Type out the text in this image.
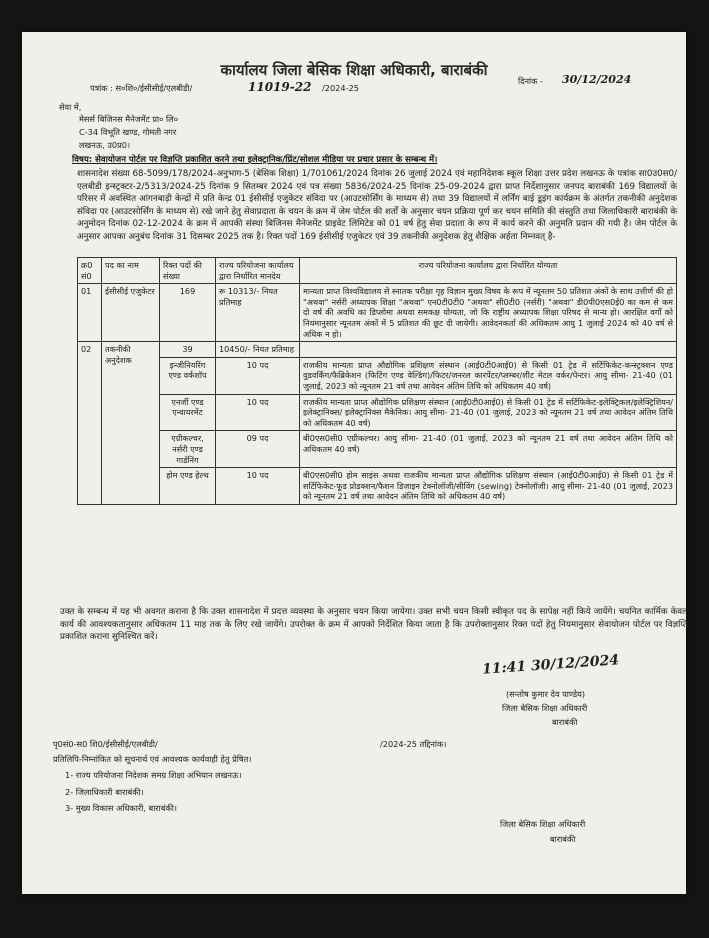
कार्यालय जिला बेसिक शिक्षा अधिकारी, बाराबंकी
पत्रांक : स०शि०/ईसीसीई/एलबीडी/	11019-22 /2024-25
दिनांक - 30/12/2024
सेवा में,
मेसर्स बिजिनस मैनेजमेंट प्रा० लि०
C-34 विभूति खण्ड, गोमती नगर
लखनऊ, उ0प्र0।
विषय: सेवायोजन पोर्टल पर विज्ञप्ति प्रकाशित करने तथा इलेक्ट्रानिक/प्रिंट/सोशल मीडिया पर प्रचार प्रसार के सम्बन्ध में।
शासनादेश संख्या 68-5099/178/2024-अनुभाग-5 (बेसिक शिक्षा) 1/701061/2024 दिनांक 26 जुलाई 2024 एवं महानिदेशक स्कूल शिक्षा उत्तर प्रदेश लखनऊ के पत्रांक सा0उ0स0/एलबीडी इन्स्ट्रक्टर-2/5313/2024-25 दिनांक 9 सितम्बर 2024 एवं पत्र संख्या 5836/2024-25 दिनांक 25-09-2024 द्वारा प्राप्त निर्देशानुसार जनपद बाराबंकी 169 विद्यालयों के परिसर में अवस्थित आंगनबाड़ी केन्द्रों में प्रति केन्द्र 01 ईसीसीई एजुकेटर संविदा पर (आउटसोर्सिंग के माध्यम से) तथा 39 विद्यालयों में लर्निंग बाई डूइंग कार्यक्रम के अंतर्गत तकनीकी अनुदेशक संविदा पर (आउटसोर्सिंग के माध्यम से) रखे जाने हेतु सेवाप्रदाता के चयन के क्रम में जेम पोर्टल की शर्तों के अनुसार चयन प्रक्रिया पूर्ण कर चयन समिति की संस्तुति तथा जिलाधिकारी बाराबंकी के अनुमोदन दिनांक 02-12-2024 के क्रम में आपकी संस्था बिजिनस मैनेजमेंट प्राइवेट लिमिटेड को 01 वर्ष हेतु सेवा प्रदाता के रूप में कार्य करने की अनुमति प्रदान की गयी है। जेम पोर्टल के अनुसार आपका अनुबंध दिनांक 31 दिसम्बर 2025 तक है। रिक्त पदों 169 ईसीसीई एजुकेटर एवं 39 तकनीकी अनुदेशक हेतु शैक्षिक अर्हता निम्नवत् है-
क्र0 सं0	पद का नाम	रिक्त पदों की संख्या	राज्य परियोजना कार्यालय द्वारा निर्धारित मानदेय	राज्य परियोजना कार्यालय द्वारा निर्धारित योग्यता
01	ईसीसीई एजुकेटर	169	रू 10313/- नियत प्रतिमाह	मान्यता प्राप्त विश्वविद्यालय से स्नातक परीक्षा गृह विज्ञान मुख्य विषय के रूप में न्यूनतम 50 प्रतिशत अंकों के साथ उत्तीर्ण की हो "अथवा" नर्सरी अध्यापक शिक्षा "अथवा" एन0टी0टी0 "अथवा" सी0टी0 (नर्सरी) "अथवा" डी0पी0एस0ई0 का कम से कम दो वर्ष की अवधि का डिप्लोमा अथवा समकक्ष योग्यता, जो कि राष्ट्रीय अध्यापक शिक्षा परिषद से मान्य हो। आरक्षित वर्गों को नियमानुसार न्यूनतम अंकों में 5 प्रतिशत की छूट दी जायेगी। आवेदनकर्ता की अधिकतम आयु 1 जुलाई 2024 को 40 वर्ष से अधिक न हो।
02	तकनीकी अनुदेशक	39	10450/- नियत प्रतिमाह	
		इन्जीनियरिंग एण्ड वर्कशॉप	10 पद	राजकीय मान्यता प्राप्त औद्योगिक प्रशिक्षण संस्थान (आई0टी0आई0) से किसी 01 ट्रेड में सर्टिफिकेट-कन्स्ट्रक्शन एण्ड वुडवर्किंग/फैब्रिकेशन (फिटिंग एण्ड वेल्डिंग)/फिटर/जनरल कारपेंटर/प्लम्बर/शीट मेटल वर्कर/पेन्टर। आयु सीमा- 21-40 (01 जुलाई, 2023 को न्यूनतम 21 वर्ष तथा आवेदन अंतिम तिथि को अधिकतम 40 वर्ष)
		एनर्जी एण्ड एन्वायरमेंट	10 पद	राजकीय मान्यता प्राप्त औद्योगिक प्रशिक्षण संस्थान (आई0टी0आई0) से किसी 01 ट्रेड में सर्टिफिकेट-इलेक्ट्रिकल/इलेक्ट्रिशियन/इलेक्ट्रानिक्स/ इलेक्ट्रानिक्स मैकेनिक। आयु सीमा- 21-40 (01 जुलाई, 2023 को न्यूनतम 21 वर्ष तथा आवेदन अंतिम तिथि को अधिकतम 40 वर्ष)
		एग्रीकल्चर, नर्सरी एण्ड गार्डनिंग	09 पद	बी0एस0सी0 एग्रीकल्चर। आयु सीमा- 21-40 (01 जुलाई, 2023 को न्यूनतम 21 वर्ष तथा आवेदन अंतिम तिथि को अधिकतम 40 वर्ष)
		होम एण्ड हेल्थ	10 पद	बी0एस0सी0 होम साइंस अथवा राजकीय मान्यता प्राप्त औद्योगिक प्रशिक्षण संस्थान (आई0टी0आई0) से किसी 01 ट्रेड में सर्टिफिकेट-फूड प्रोडक्शन/फैशन डिजाइन टेक्नोलॉजी/सीविंग (sewing) टेक्नोलॉजी। आयु सीमा- 21-40 (01 जुलाई, 2023 को न्यूनतम 21 वर्ष तथा आवेदन अंतिम तिथि को अधिकतम 40 वर्ष)
उक्त के सम्बन्ध में यह भी अवगत कराना है कि उक्त शासनादेश में प्रदत्त व्यवस्था के अनुसार चयन किया जायेगा। उक्त सभी चयन किसी स्वीकृत पद के सापेक्ष नहीं किये जायेंगे। चयनित कार्मिक केवल कार्य की आवश्यकतानुसार अधिकतम 11 माह तक के लिए रखे जायेंगे। उपरोक्त के क्रम में आपको निर्देशित किया जाता है कि उपरोक्तानुसार रिक्त पदों हेतु नियमानुसार सेवायोजन पोर्टल पर विज्ञप्ति प्रकाशित कराना सुनिश्चित करें।
11:41 30/12/2024
(सन्तोष कुमार देव पाण्डेय)
जिला बेसिक शिक्षा अधिकारी
बाराबंकी
पृ0सं0-स0 शि0/ईसीसीई/एलबीडी/	/2024-25 तद्दिनांक।
प्रतिलिपि-निम्नांकित को सूचनार्थ एवं आवश्यक कार्यवाही हेतु प्रेषित।
1- राज्य परियोजना निदेशक समग्र शिक्षा अभियान लखनऊ।
2- जिलाधिकारी बाराबंकी।
3- मुख्य विकास अधिकारी, बाराबंकी।
जिला बेसिक शिक्षा अधिकारी
बाराबंकी
